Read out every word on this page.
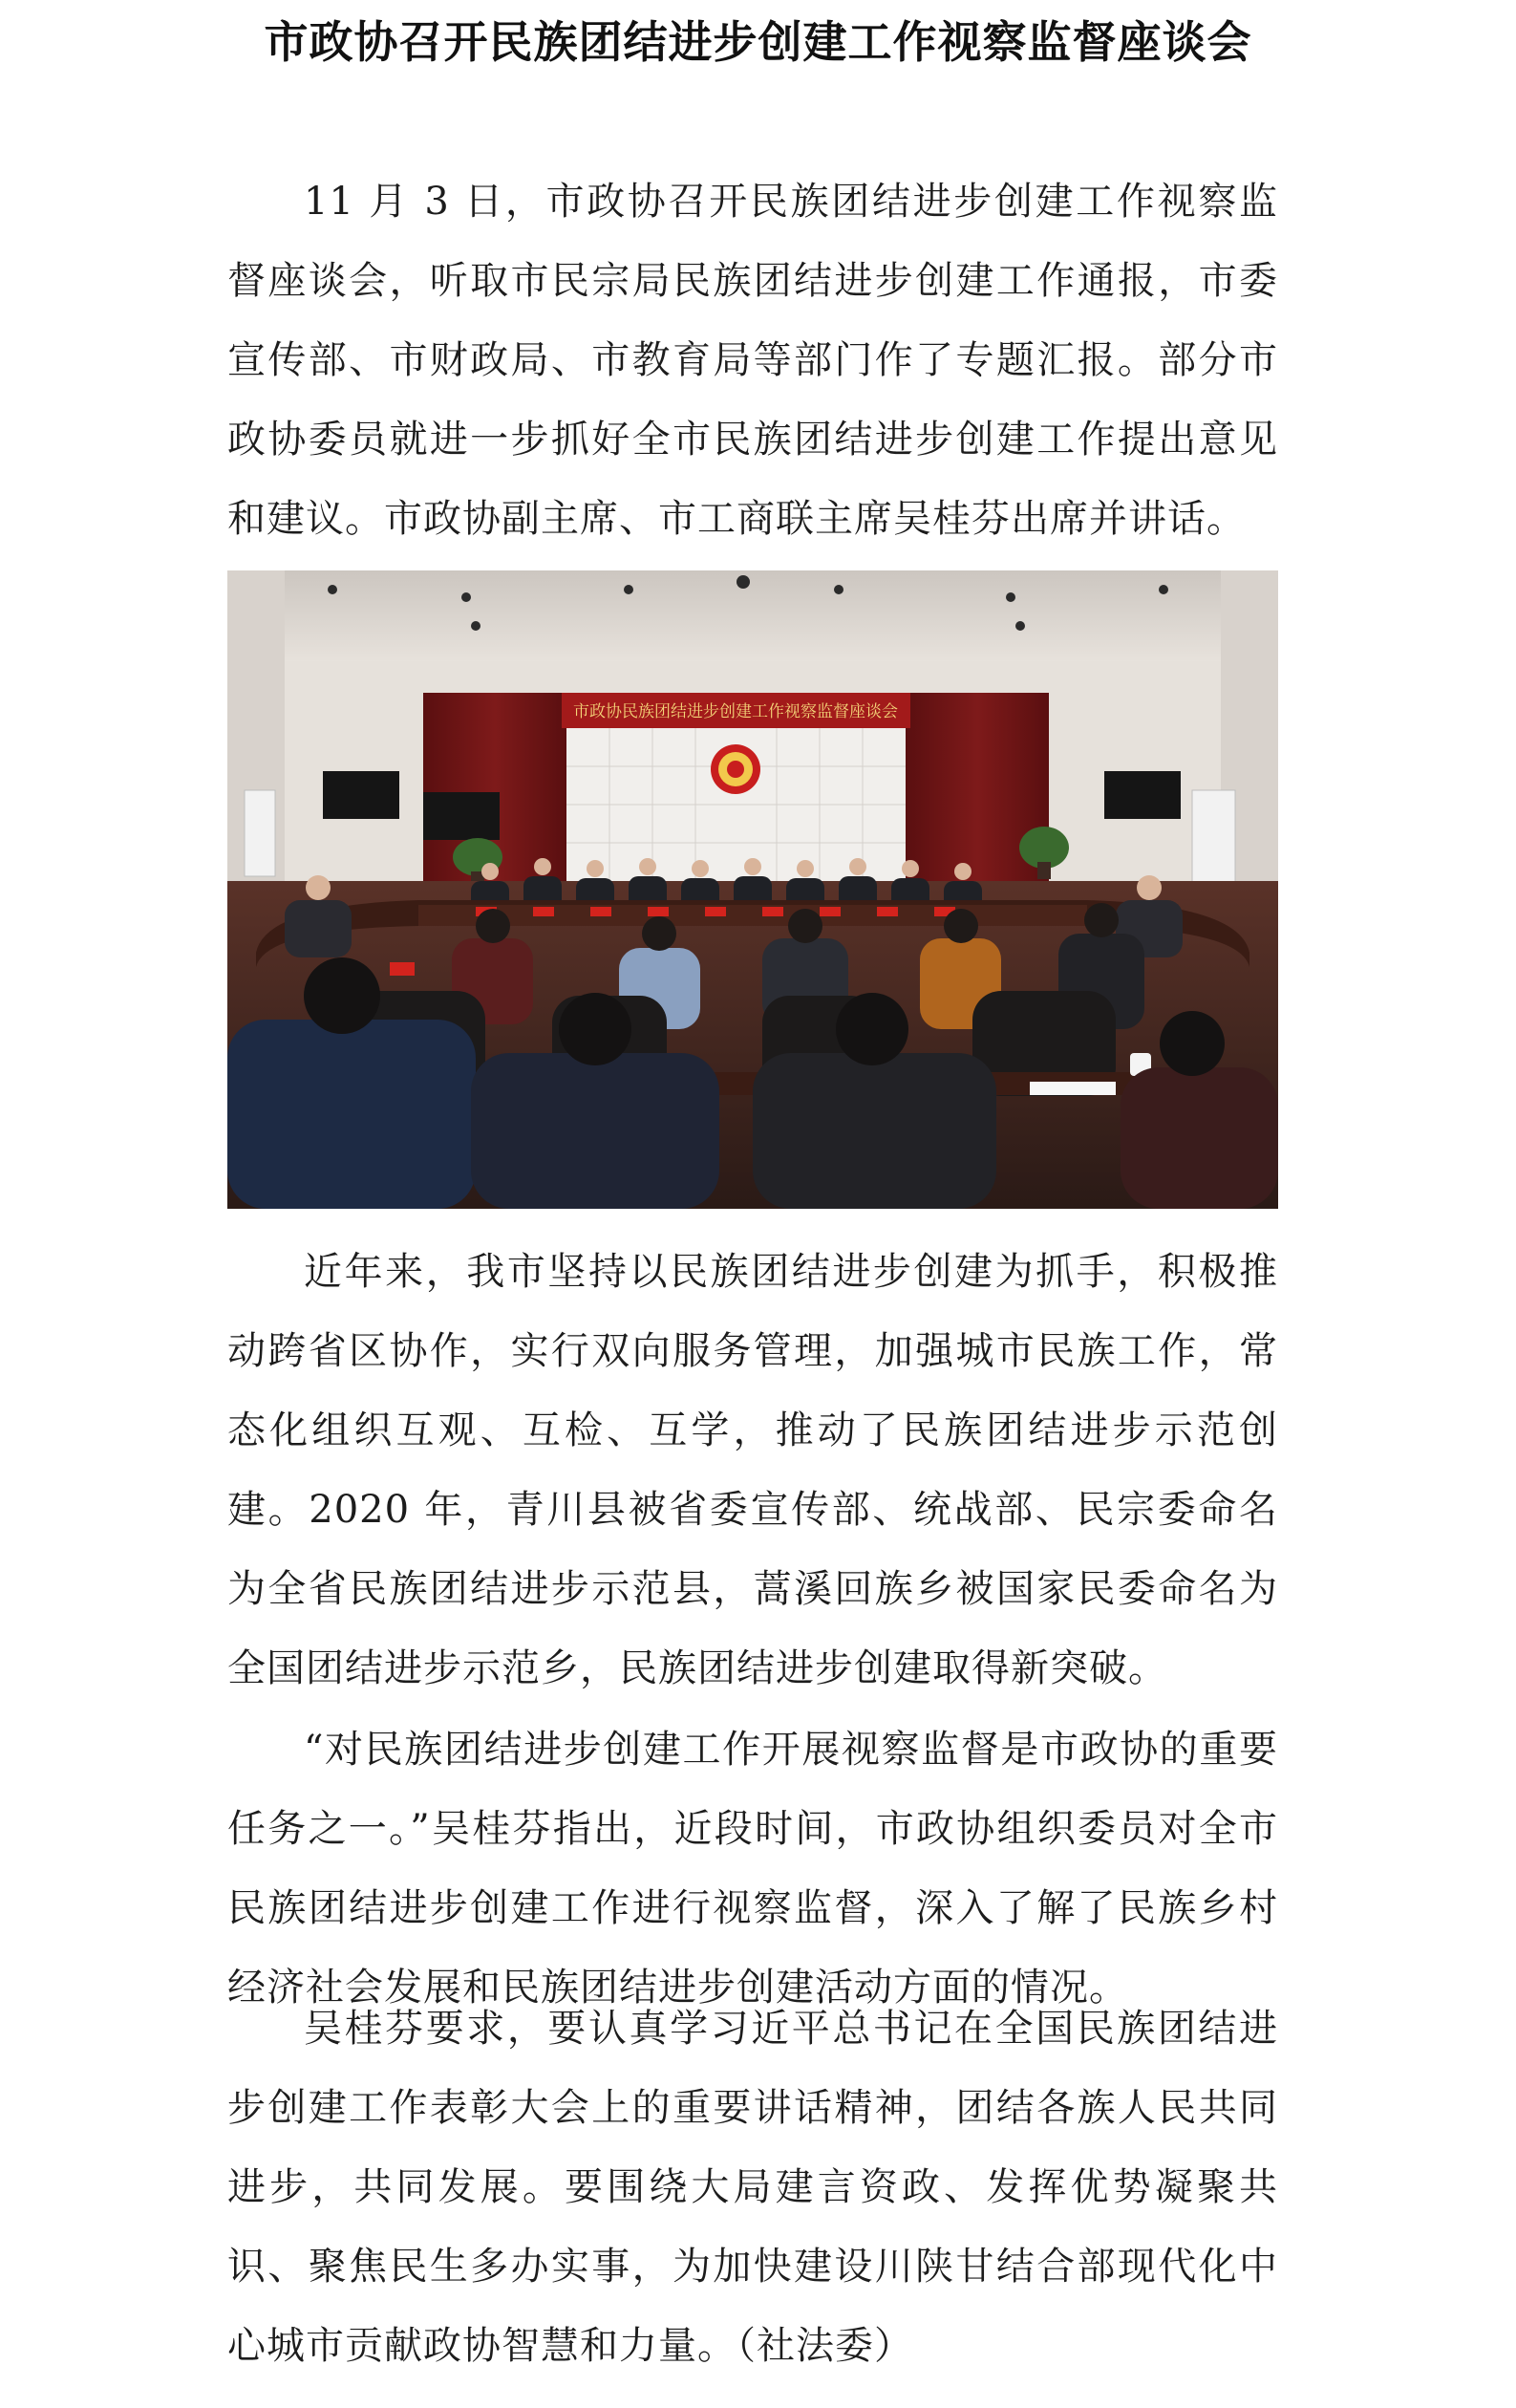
市政协召开民族团结进步创建工作视察监督座谈会

11 月 3 日，市政协召开民族团结进步创建工作视察监督座谈会，听取市民宗局民族团结进步创建工作通报，市委宣传部、市财政局、市教育局等部门作了专题汇报。部分市政协委员就进一步抓好全市民族团结进步创建工作提出意见和建议。市政协副主席、市工商联主席吴桂芬出席并讲话。

市政协民族团结进步创建工作视察监督座谈会

近年来，我市坚持以民族团结进步创建为抓手，积极推动跨省区协作，实行双向服务管理，加强城市民族工作，常态化组织互观、互检、互学，推动了民族团结进步示范创建。2020 年，青川县被省委宣传部、统战部、民宗委命名为全省民族团结进步示范县，蒿溪回族乡被国家民委命名为全国团结进步示范乡，民族团结进步创建取得新突破。

“对民族团结进步创建工作开展视察监督是市政协的重要任务之一。”吴桂芬指出，近段时间，市政协组织委员对全市民族团结进步创建工作进行视察监督，深入了解了民族乡村经济社会发展和民族团结进步创建活动方面的情况。

吴桂芬要求，要认真学习近平总书记在全国民族团结进步创建工作表彰大会上的重要讲话精神，团结各族人民共同进步，共同发展。要围绕大局建言资政、发挥优势凝聚共识、聚焦民生多办实事，为加快建设川陕甘结合部现代化中心城市贡献政协智慧和力量。（社法委）
